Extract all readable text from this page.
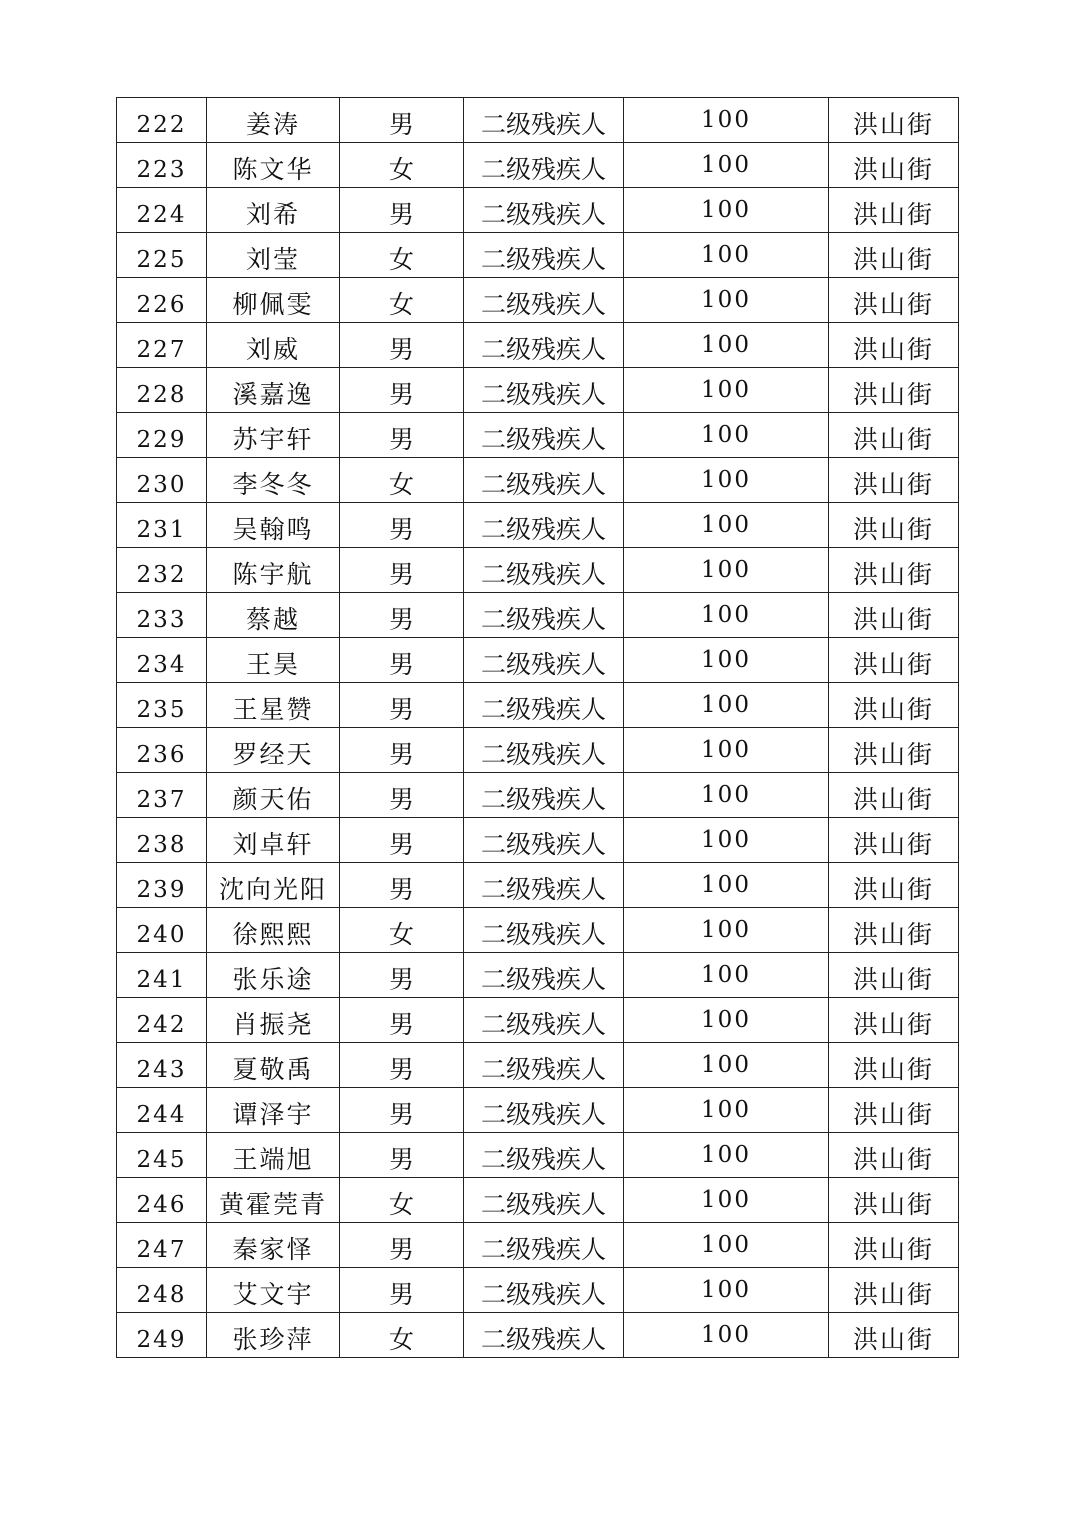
222	姜涛	男	二级残疾人	100	洪山街
223	陈文华	女	二级残疾人	100	洪山街
224	刘希	男	二级残疾人	100	洪山街
225	刘莹	女	二级残疾人	100	洪山街
226	柳佩雯	女	二级残疾人	100	洪山街
227	刘威	男	二级残疾人	100	洪山街
228	溪嘉逸	男	二级残疾人	100	洪山街
229	苏宇轩	男	二级残疾人	100	洪山街
230	李冬冬	女	二级残疾人	100	洪山街
231	吴翰鸣	男	二级残疾人	100	洪山街
232	陈宇航	男	二级残疾人	100	洪山街
233	蔡越	男	二级残疾人	100	洪山街
234	王昊	男	二级残疾人	100	洪山街
235	王星赞	男	二级残疾人	100	洪山街
236	罗经天	男	二级残疾人	100	洪山街
237	颜天佑	男	二级残疾人	100	洪山街
238	刘卓轩	男	二级残疾人	100	洪山街
239	沈向光阳	男	二级残疾人	100	洪山街
240	徐熙熙	女	二级残疾人	100	洪山街
241	张乐途	男	二级残疾人	100	洪山街
242	肖振尧	男	二级残疾人	100	洪山街
243	夏敬禹	男	二级残疾人	100	洪山街
244	谭泽宇	男	二级残疾人	100	洪山街
245	王端旭	男	二级残疾人	100	洪山街
246	黄霍莞青	女	二级残疾人	100	洪山街
247	秦家怿	男	二级残疾人	100	洪山街
248	艾文宇	男	二级残疾人	100	洪山街
249	张珍萍	女	二级残疾人	100	洪山街
